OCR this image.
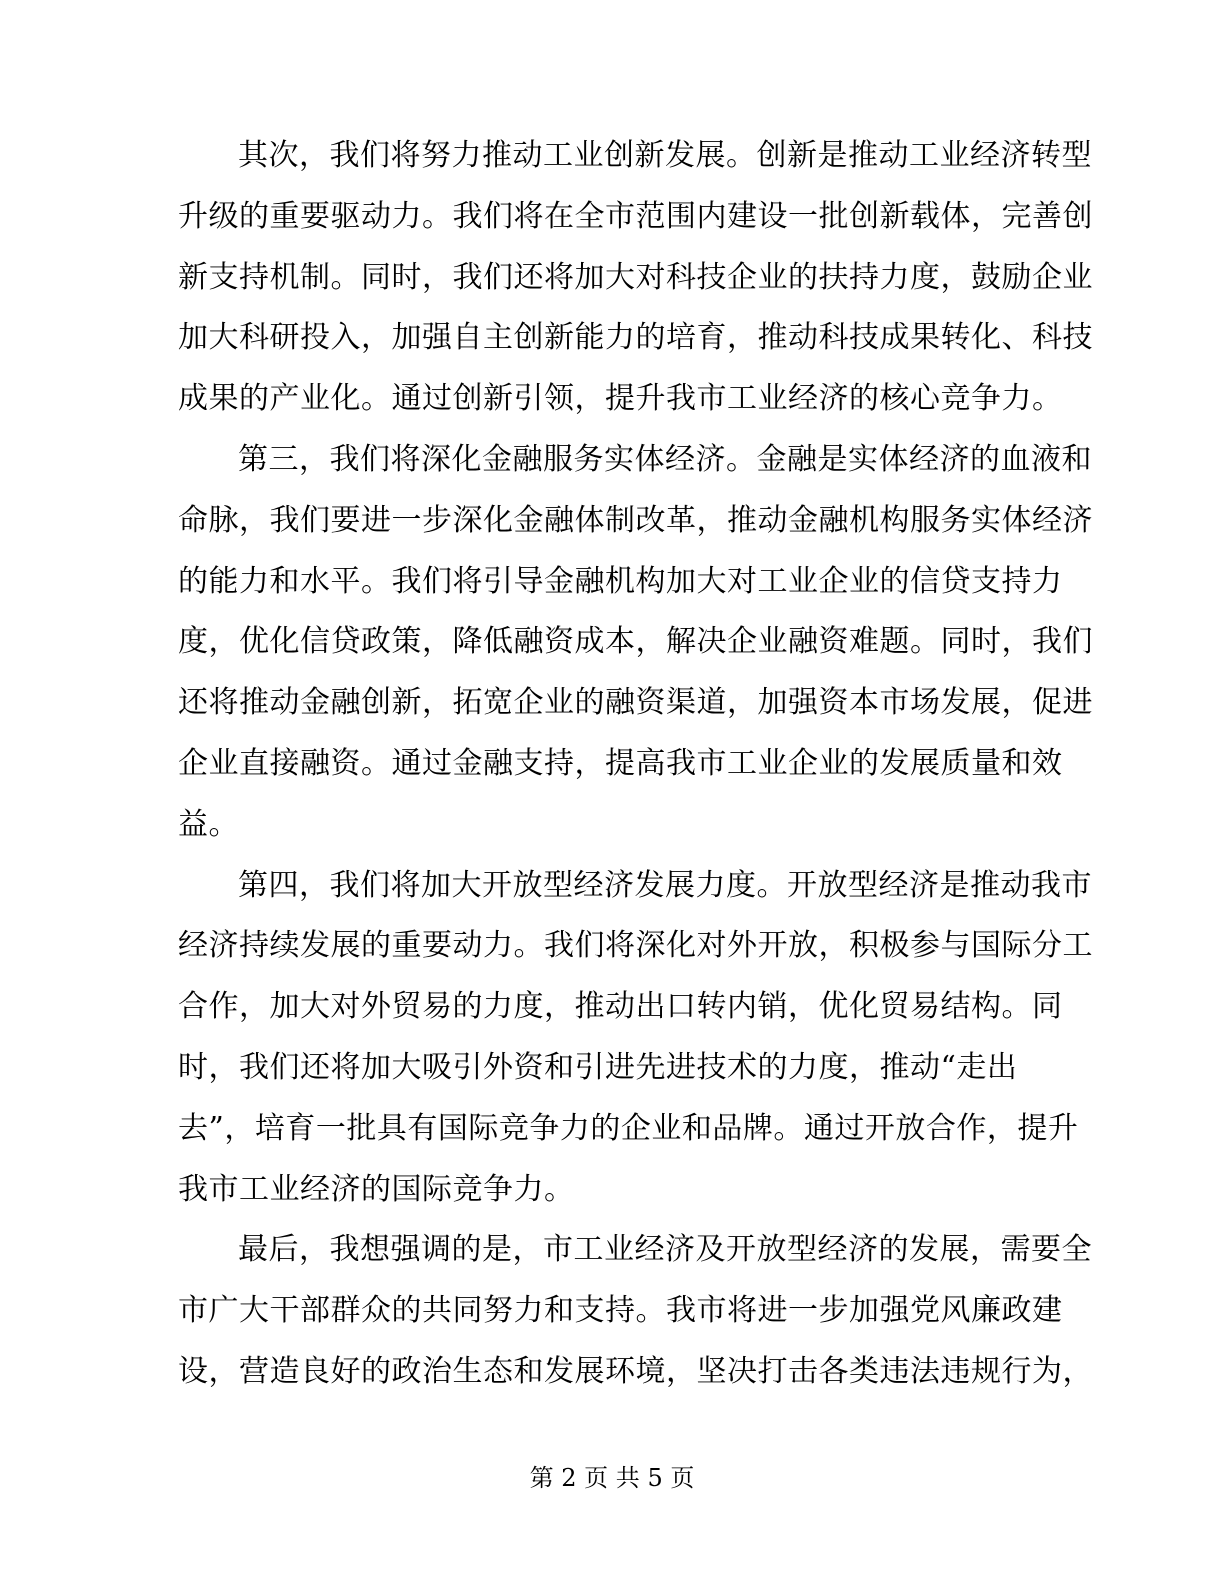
其次，我们将努力推动工业创新发展。创新是推动工业经济转型
升级的重要驱动力。我们将在全市范围内建设一批创新载体，完善创
新支持机制。同时，我们还将加大对科技企业的扶持力度，鼓励企业
加大科研投入，加强自主创新能力的培育，推动科技成果转化、科技
成果的产业化。通过创新引领，提升我市工业经济的核心竞争力。
第三，我们将深化金融服务实体经济。金融是实体经济的血液和
命脉，我们要进一步深化金融体制改革，推动金融机构服务实体经济
的能力和水平。我们将引导金融机构加大对工业企业的信贷支持力
度，优化信贷政策，降低融资成本，解决企业融资难题。同时，我们
还将推动金融创新，拓宽企业的融资渠道，加强资本市场发展，促进
企业直接融资。通过金融支持，提高我市工业企业的发展质量和效
益。
第四，我们将加大开放型经济发展力度。开放型经济是推动我市
经济持续发展的重要动力。我们将深化对外开放，积极参与国际分工
合作，加大对外贸易的力度，推动出口转内销，优化贸易结构。同
时，我们还将加大吸引外资和引进先进技术的力度，推动“走出
去”，培育一批具有国际竞争力的企业和品牌。通过开放合作，提升
我市工业经济的国际竞争力。
最后，我想强调的是，市工业经济及开放型经济的发展，需要全
市广大干部群众的共同努力和支持。我市将进一步加强党风廉政建
设，营造良好的政治生态和发展环境，坚决打击各类违法违规行为，
第 2 页 共 5 页
